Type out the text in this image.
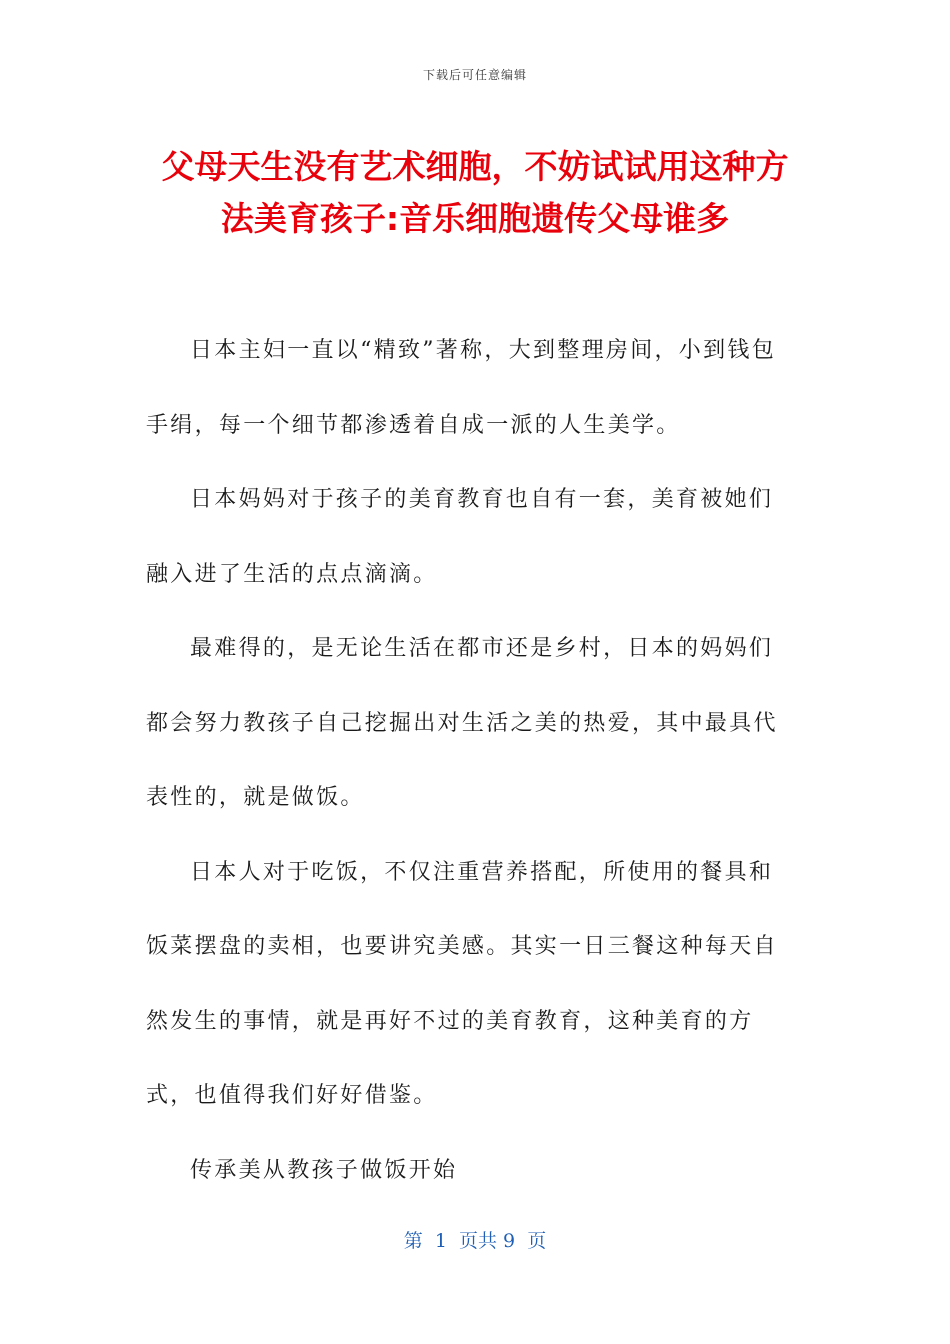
下载后可任意编辑
父母天生没有艺术细胞，不妨试试用这种方
法美育孩子:音乐细胞遗传父母谁多

日本主妇一直以“精致”著称，大到整理房间，小到钱包手绢，每一个细节都渗透着自成一派的人生美学。

日本妈妈对于孩子的美育教育也自有一套，美育被她们融入进了生活的点点滴滴。

最难得的，是无论生活在都市还是乡村，日本的妈妈们都会努力教孩子自己挖掘出对生活之美的热爱，其中最具代表性的，就是做饭。

日本人对于吃饭，不仅注重营养搭配，所使用的餐具和饭菜摆盘的卖相，也要讲究美感。其实一日三餐这种每天自然发生的事情，就是再好不过的美育教育，这种美育的方式，也值得我们好好借鉴。

传承美从教孩子做饭开始

第  1  页共 9  页
